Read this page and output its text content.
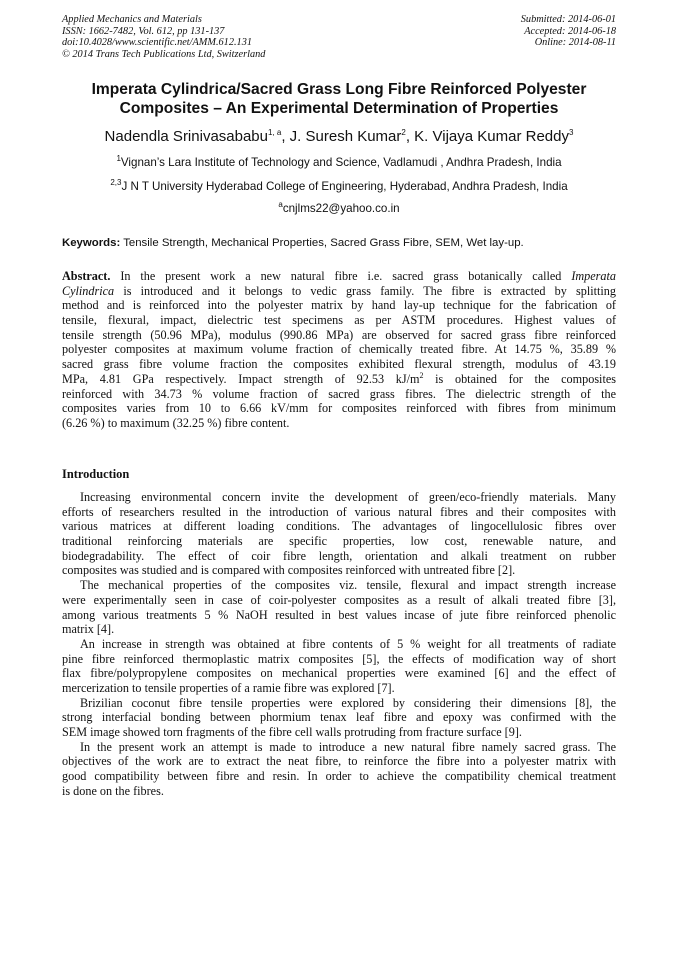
Applied Mechanics and Materials
ISSN: 1662-7482, Vol. 612, pp 131-137
doi:10.4028/www.scientific.net/AMM.612.131
© 2014 Trans Tech Publications Ltd, Switzerland
Submitted: 2014-06-01
Accepted: 2014-06-18
Online: 2014-08-11
Imperata Cylindrica/Sacred Grass Long Fibre Reinforced Polyester
Composites – An Experimental Determination of Properties
Nadendla Srinivasababu$^{1, a}$, J. Suresh Kumar$^2$, K. Vijaya Kumar Reddy$^3$
$^1$Vignan’s Lara Institute of Technology and Science, Vadlamudi , Andhra Pradesh, India
$^{2,3}$J N T University Hyderabad College of Engineering, Hyderabad, Andhra Pradesh, India
$^a$cnjlms22@yahoo.co.in
Keywords: Tensile Strength, Mechanical Properties, Sacred Grass Fibre, SEM, Wet lay-up.
Abstract. In the present work a new natural fibre i.e. sacred grass botanically called Imperata
Cylindrica is introduced and it belongs to vedic grass family. The fibre is extracted by splitting
method and is reinforced into the polyester matrix by hand lay-up technique for the fabrication of
tensile, flexural, impact, dielectric test specimens as per ASTM procedures. Highest values of
tensile strength (50.96 MPa), modulus (990.86 MPa) are observed for sacred grass fibre reinforced
polyester composites at maximum volume fraction of chemically treated fibre. At 14.75 %, 35.89 %
sacred grass fibre volume fraction the composites exhibited flexural strength, modulus of 43.19
MPa, 4.81 GPa respectively. Impact strength of 92.53 $kJ/m^2$ is obtained for the composites
reinforced with 34.73 % volume fraction of sacred grass fibres. The dielectric strength of the
composites varies from 10 to 6.66 kV/mm for composites reinforced with fibres from minimum
(6.26 %) to maximum (32.25 %) fibre content.
Introduction
Increasing environmental concern invite the development of green/eco-friendly materials. Many
efforts of researchers resulted in the introduction of various natural fibres and their composites with
various matrices at different loading conditions. The advantages of lingocellulosic fibres over
traditional reinforcing materials are specific properties, low cost, renewable nature, and
biodegradability. The effect of coir fibre length, orientation and alkali treatment on rubber
composites was studied and is compared with composites reinforced with untreated fibre [2].
The mechanical properties of the composites viz. tensile, flexural and impact strength increase
were experimentally seen in case of coir-polyester composites as a result of alkali treated fibre [3],
among various treatments 5 % NaOH resulted in best values incase of jute fibre reinforced phenolic
matrix [4].
An increase in strength was obtained at fibre contents of 5 % weight for all treatments of radiate
pine fibre reinforced thermoplastic matrix composites [5], the effects of modification way of short
flax fibre/polypropylene composites on mechanical properties were examined [6] and the effect of
mercerization to tensile properties of a ramie fibre was explored [7].
Brizilian coconut fibre tensile properties were explored by considering their dimensions [8], the
strong interfacial bonding between phormium tenax leaf fibre and epoxy was confirmed with the
SEM image showed torn fragments of the fibre cell walls protruding from fracture surface [9].
In the present work an attempt is made to introduce a new natural fibre namely sacred grass. The
objectives of the work are to extract the neat fibre, to reinforce the fibre into a polyester matrix with
good compatibility between fibre and resin. In order to achieve the compatibility chemical treatment
is done on the fibres.
